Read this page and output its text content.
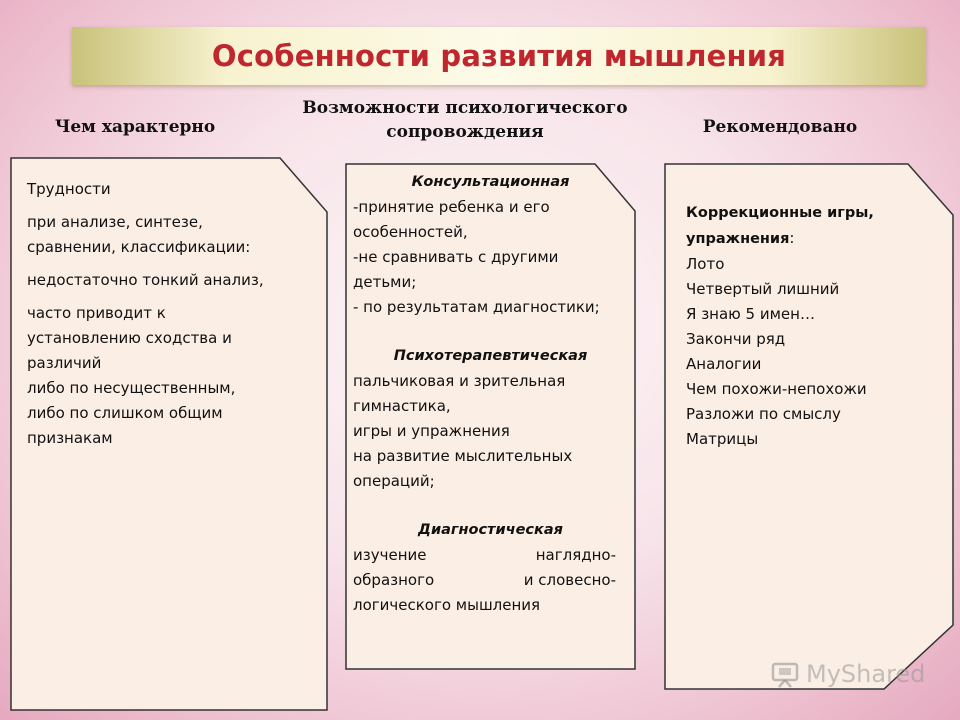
Особенности развития мышления
Чем характерно
Возможности психологического
сопровождения	Рекомендовано

Трудности

при анализе, синтезе,

сравнении, классификации:

недостаточно тонкий анализ,

часто приводит к

установлению сходства и

различий

либо по несущественным,

либо по слишком общим

признакам

Консультационная

-принятие ребенка и его

особенностей,

-не сравнивать с другими

детьми;

- по результатам диагностики;

Психотерапевтическая

пальчиковая и зрительная

гимнастика,

игры и упражнения

на развитие мыслительных

операций;

Диагностическая

изучение	наглядно-

образного	и словесно-

логического мышления

Коррекционные игры,

упражнения:

Лото

Четвертый лишний

Я знаю 5 имен…

Закончи ряд

Аналогии

Чем похожи-непохожи

Разложи по смыслу

Матрицы

MyShared
